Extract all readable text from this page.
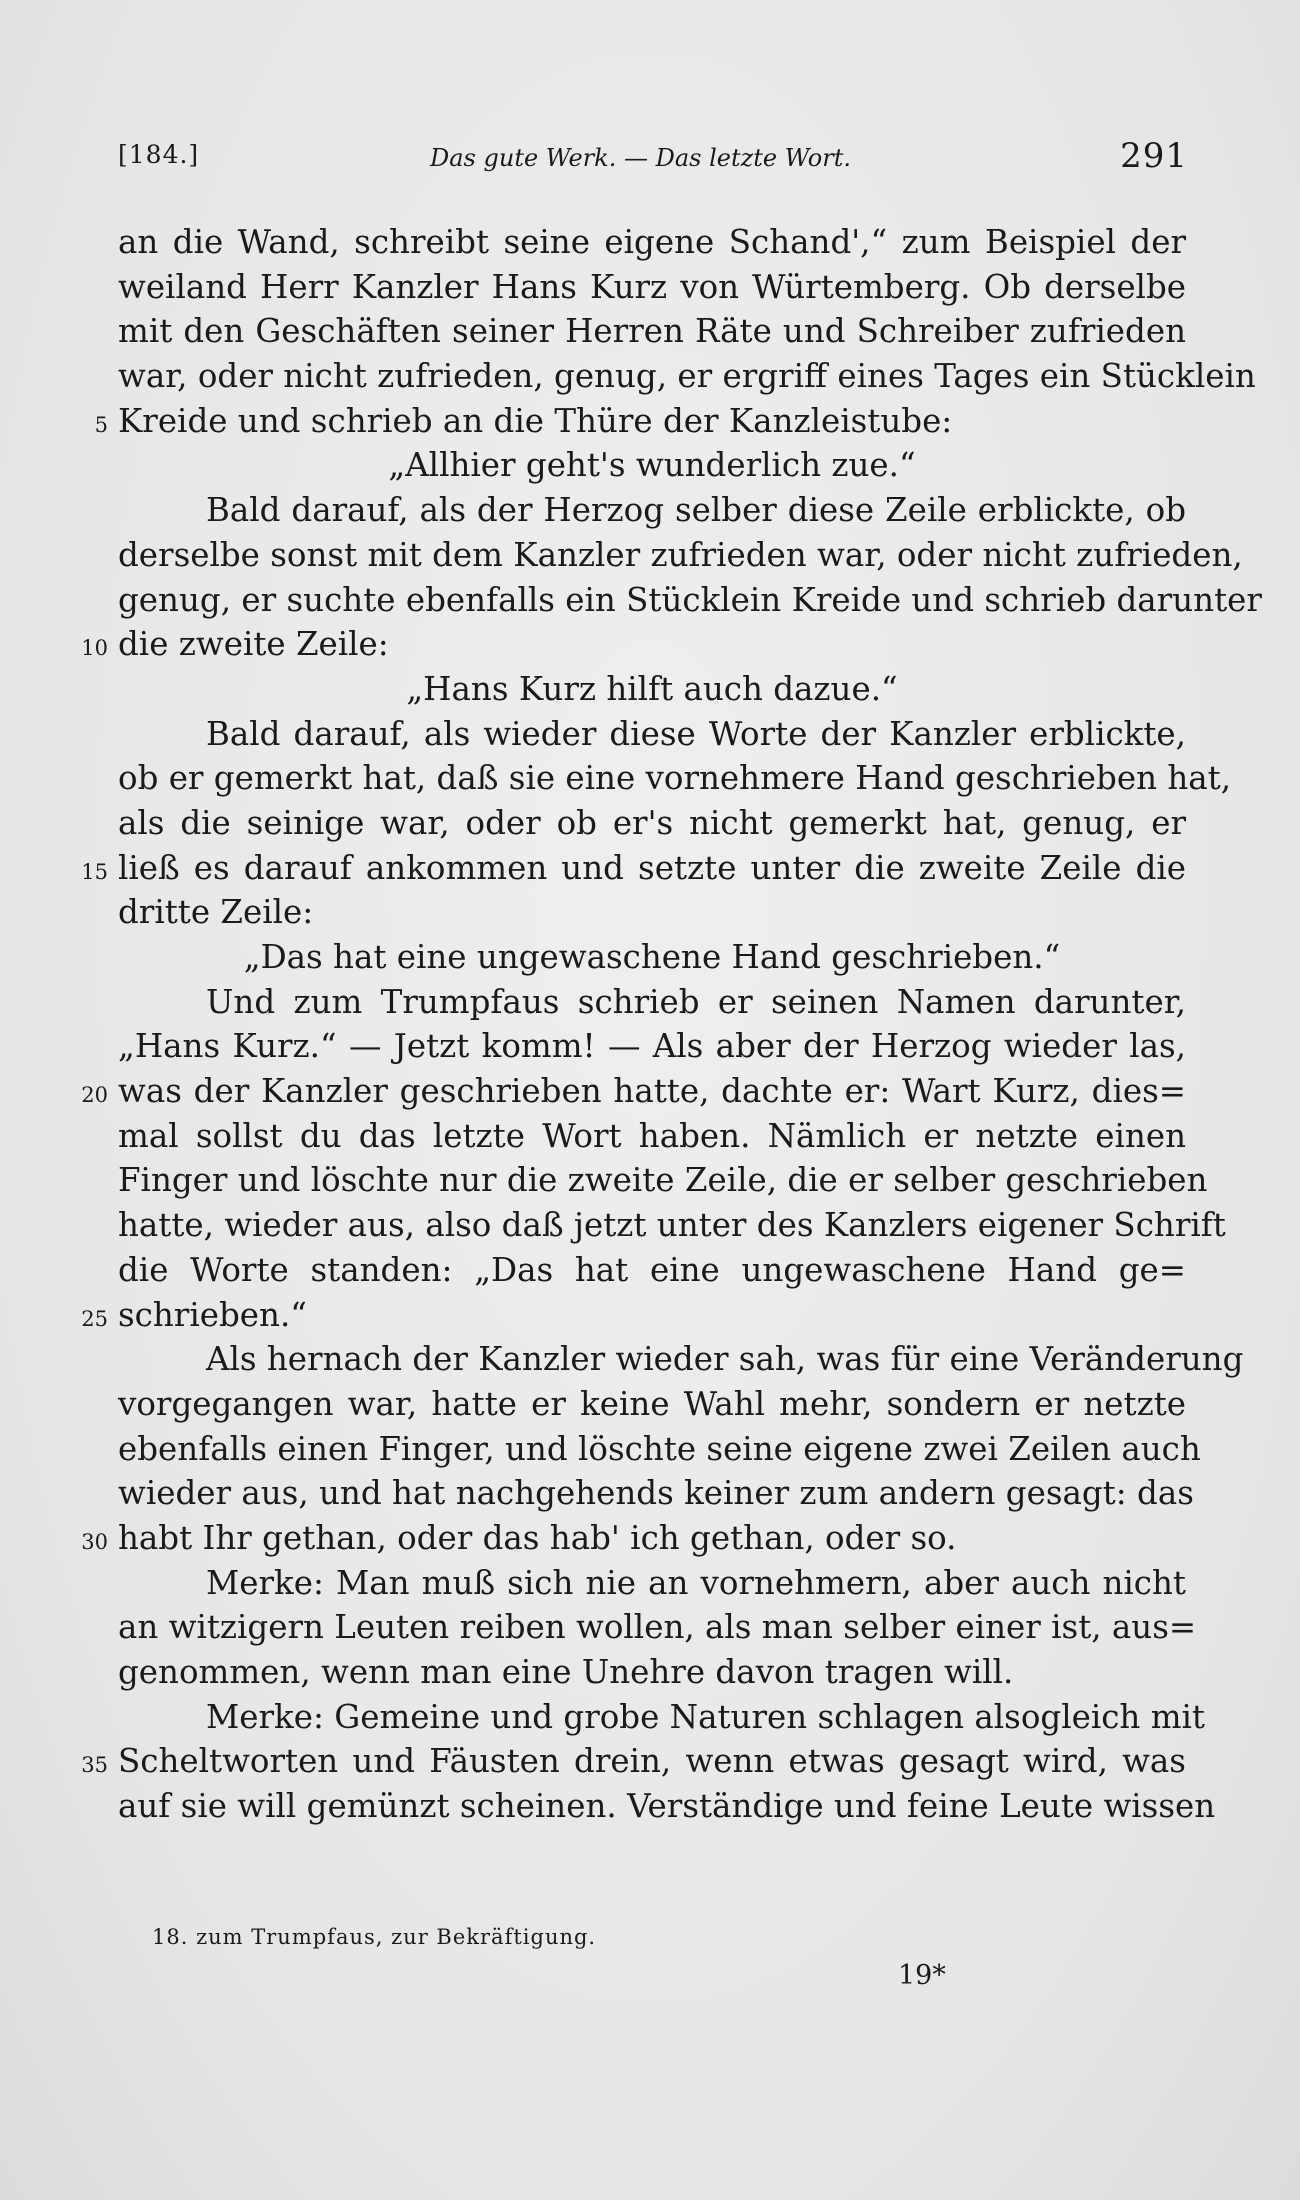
[184.]	Das gute Werk. — Das letzte Wort.	291
an die Wand, schreibt seine eigene Schand',“ zum Beispiel der
weiland Herr Kanzler Hans Kurz von Würtemberg. Ob derselbe
mit den Geschäften seiner Herren Räte und Schreiber zufrieden
war, oder nicht zufrieden, genug, er ergriff eines Tages ein Stücklein
5 Kreide und schrieb an die Thüre der Kanzleistube:
„Allhier geht's wunderlich zue.“
Bald darauf, als der Herzog selber diese Zeile erblickte, ob
derselbe sonst mit dem Kanzler zufrieden war, oder nicht zufrieden,
genug, er suchte ebenfalls ein Stücklein Kreide und schrieb darunter
10 die zweite Zeile:
„Hans Kurz hilft auch dazue.“
Bald darauf, als wieder diese Worte der Kanzler erblickte,
ob er gemerkt hat, daß sie eine vornehmere Hand geschrieben hat,
als die seinige war, oder ob er's nicht gemerkt hat, genug, er
15 ließ es darauf ankommen und setzte unter die zweite Zeile die
dritte Zeile:
„Das hat eine ungewaschene Hand geschrieben.“
Und zum Trumpfaus schrieb er seinen Namen darunter,
„Hans Kurz.“ — Jetzt komm! — Als aber der Herzog wieder las,
20 was der Kanzler geschrieben hatte, dachte er: Wart Kurz, dies=
mal sollst du das letzte Wort haben. Nämlich er netzte einen
Finger und löschte nur die zweite Zeile, die er selber geschrieben
hatte, wieder aus, also daß jetzt unter des Kanzlers eigener Schrift
die Worte standen: „Das hat eine ungewaschene Hand ge=
25 schrieben.“
Als hernach der Kanzler wieder sah, was für eine Veränderung
vorgegangen war, hatte er keine Wahl mehr, sondern er netzte
ebenfalls einen Finger, und löschte seine eigene zwei Zeilen auch
wieder aus, und hat nachgehends keiner zum andern gesagt: das
30 habt Ihr gethan, oder das hab' ich gethan, oder so.
Merke: Man muß sich nie an vornehmern, aber auch nicht
an witzigern Leuten reiben wollen, als man selber einer ist, aus=
genommen, wenn man eine Unehre davon tragen will.
Merke: Gemeine und grobe Naturen schlagen alsogleich mit
35 Scheltworten und Fäusten drein, wenn etwas gesagt wird, was
auf sie will gemünzt scheinen. Verständige und feine Leute wissen
18. zum Trumpfaus, zur Bekräftigung.
19*
